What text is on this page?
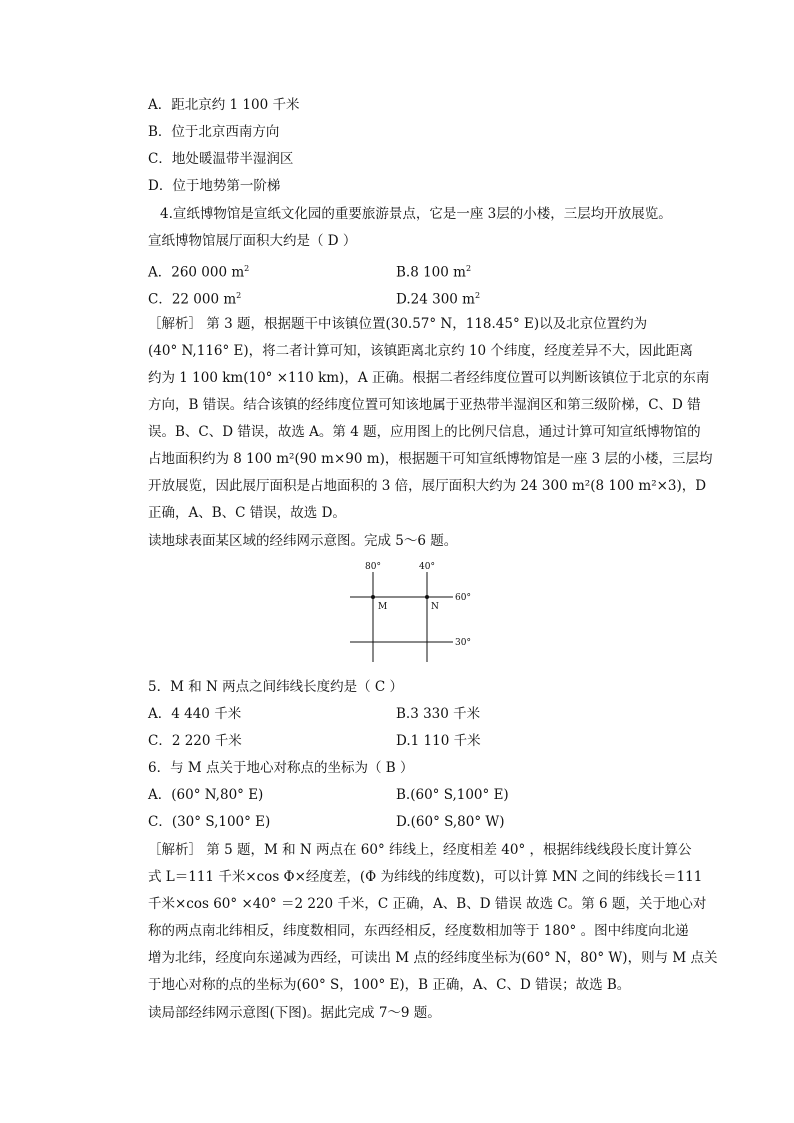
A．距北京约 1 100 千米
B．位于北京西南方向
C．地处暖温带半湿润区
D．位于地势第一阶梯
4.宣纸博物馆是宣纸文化园的重要旅游景点，它是一座 3层的小楼，三层均开放展览。
宣纸博物馆展厅面积大约是（ D ）
A．260 000 $m^2$	B.8 100 $m^2$
C．22 000 $m^2$	D.24 300 $m^2$
［解析］ 第 3 题，根据题干中该镇位置(30.57° N，118.45° E)以及北京位置约为
(40° N,116° E)，将二者计算可知，该镇距离北京约 10 个纬度，经度差异不大，因此距离
约为 1 100 km(10° ×110 km)，A 正确。根据二者经纬度位置可以判断该镇位于北京的东南
方向，B 错误。结合该镇的经纬度位置可知该地属于亚热带半湿润区和第三级阶梯，C、D 错
误。B、C、D 错误，故选 A。第 4 题，应用图上的比例尺信息，通过计算可知宣纸博物馆的
占地面积约为 8 100 m²(90 m×90 m)，根据题干可知宣纸博物馆是一座 3 层的小楼，三层均
开放展览，因此展厅面积是占地面积的 3 倍，展厅面积大约为 24 300 m²(8 100 m²×3)，D
正确，A、B、C 错误，故选 D。
读地球表面某区域的经纬网示意图。完成 5～6 题。
80°	40°
60°
30°
M	N
5．M 和 N 两点之间纬线长度约是（ C ）
A．4 440 千米	B.3 330 千米
C．2 220 千米	D.1 110 千米
6．与 M 点关于地心对称点的坐标为（ B ）
A．(60° N,80° E)	B.(60° S,100° E)
C．(30° S,100° E)	D.(60° S,80° W)
［解析］ 第 5 题，M 和 N 两点在 60° 纬线上，经度相差 40° ，根据纬线线段长度计算公
式 L＝111 千米×cos Φ×经度差，(Φ 为纬线的纬度数)，可以计算 MN 之间的纬线长＝111
千米×cos 60° ×40° ＝2 220 千米，C 正确，A、B、D 错误 故选 C。第 6 题，关于地心对
称的两点南北纬相反，纬度数相同，东西经相反，经度数相加等于 180° 。图中纬度向北递
增为北纬，经度向东递减为西经，可读出 M 点的经纬度坐标为(60° N，80° W)，则与 M 点关
于地心对称的点的坐标为(60° S，100° E)，B 正确，A、C、D 错误；故选 B。
读局部经纬网示意图(下图)。据此完成 7～9 题。
